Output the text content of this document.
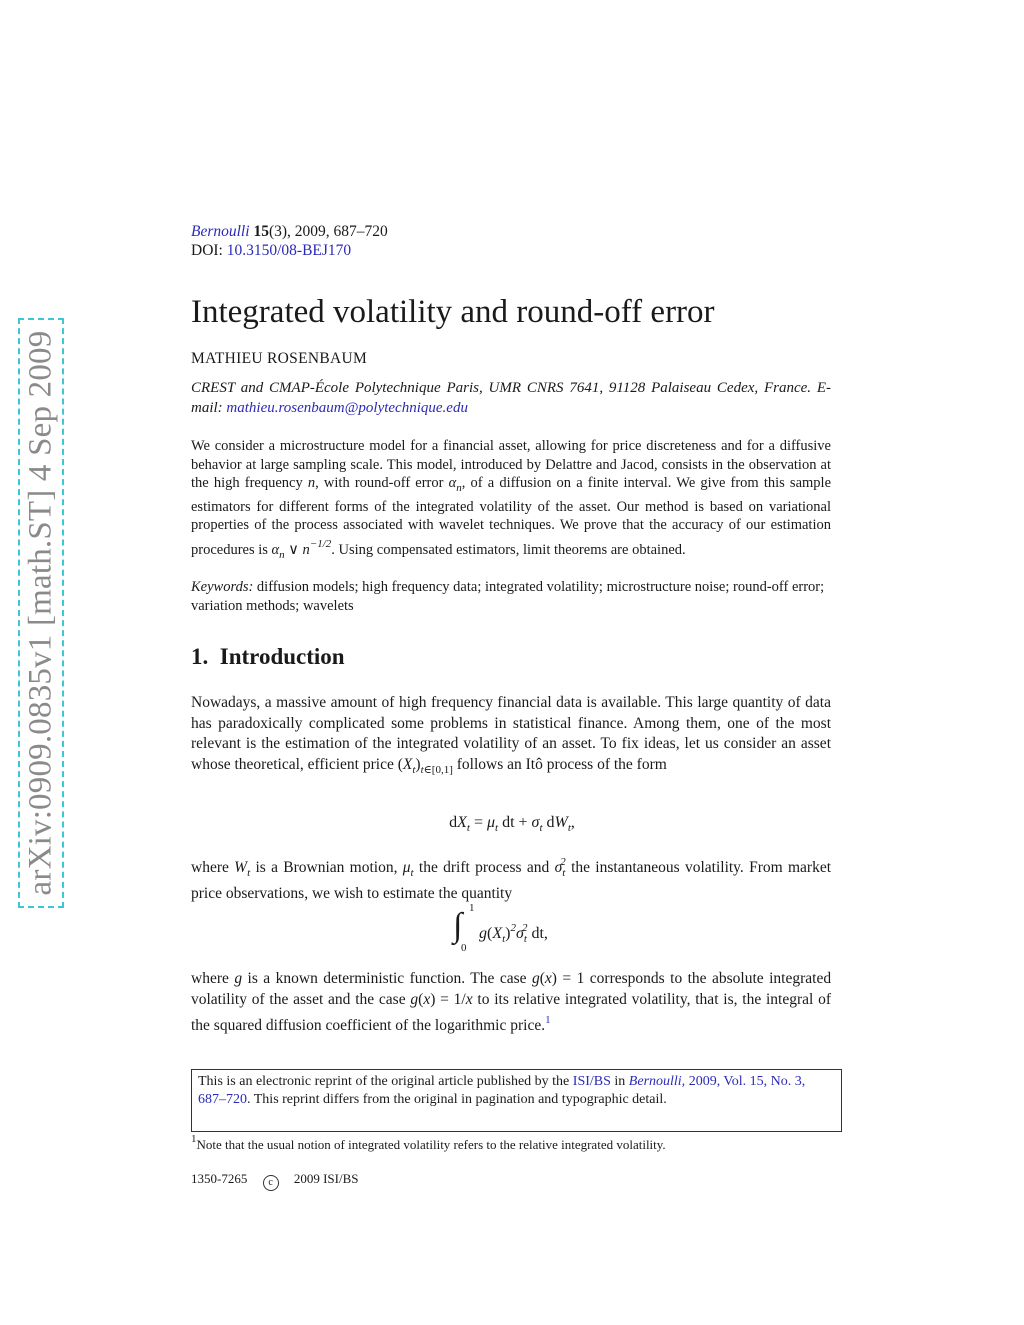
arXiv:0909.0835v1 [math.ST] 4 Sep 2009
Bernoulli 15(3), 2009, 687–720
DOI: 10.3150/08-BEJ170
Integrated volatility and round-off error
MATHIEU ROSENBAUM
CREST and CMAP-École Polytechnique Paris, UMR CNRS 7641, 91128 Palaiseau Cedex, France. E-mail: mathieu.rosenbaum@polytechnique.edu

We consider a microstructure model for a financial asset, allowing for price discreteness and for a diffusive behavior at large sampling scale. This model, introduced by Delattre and Jacod, consists in the observation at the high frequency n, with round-off error $\alpha_n$, of a diffusion on a finite interval. We give from this sample estimators for different forms of the integrated volatility of the asset. Our method is based on variational properties of the process associated with wavelet techniques. We prove that the accuracy of our estimation procedures is $\alpha_n$ ∨ $n^{-1/2}$. Using compensated estimators, limit theorems are obtained.

Keywords: diffusion models; high frequency data; integrated volatility; microstructure noise; round-off error; variation methods; wavelets

1. Introduction

Nowadays, a massive amount of high frequency financial data is available. This large quantity of data has paradoxically complicated some problems in statistical finance. Among them, one of the most relevant is the estimation of the integrated volatility of an asset. To fix ideas, let us consider an asset whose theoretical, efficient price $(X_t)_{t\in[0,1]}$ follows an Itô process of the form

$dX_t = \mu_t$ dt + $\sigma_t$ $dW_t$,

where $W_t$ is a Brownian motion, $\mu_t$ the drift process and $\sigma_t^2$ the instantaneous volatility. From market price observations, we wish to estimate the quantity

∫ 1
0
$g(X_t)^2\sigma_t^2$ dt,

where g is a known deterministic function. The case g(x) = 1 corresponds to the absolute integrated volatility of the asset and the case g(x) = 1/x to its relative integrated volatility, that is, the integral of the squared diffusion coefficient of the logarithmic price.$^1$

This is an electronic reprint of the original article published by the ISI/BS in Bernoulli, 2009, Vol. 15, No. 3, 687–720. This reprint differs from the original in pagination and typographic detail.
$^1$Note that the usual notion of integrated volatility refers to the relative integrated volatility.
1350-7265 c 2009 ISI/BS
